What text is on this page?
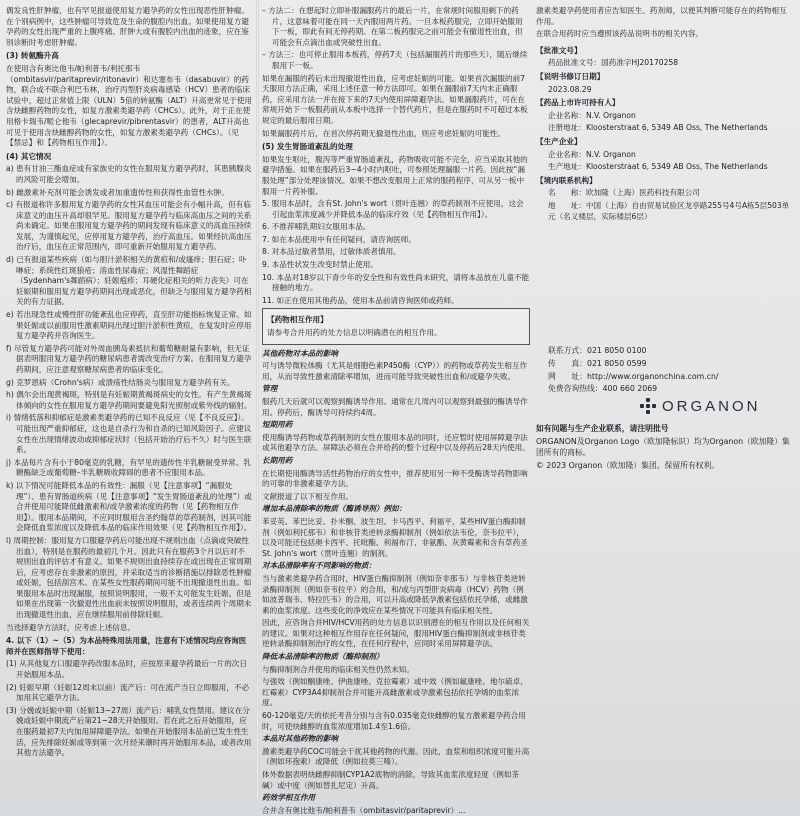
偶发良性肝肿瘤，也有罕见报道使用复方避孕药的女性出现恶性肝肿瘤。在个别病例中，这些肿瘤可导致危及生命的腹腔内出血。如果使用复方避孕药的女性出现严重的上腹疼痛、肝肿大或有腹腔内出血的迹象，应在鉴别诊断时考虑肝肿瘤。

(3) 转氨酶升高

在使用含有奥比他韦/帕利普韦/利托那韦（ombitasvir/paritaprevir/ritonavir）和达塞布韦（dasabuvir）的药物，联合或不联合利巴韦林，治疗丙型肝炎病毒感染（HCV）患者的临床试验中，超过正常值上限（ULN）5倍的转氨酶（ALT）升高更常见于使用含炔雌醇药物的女性，如复方激素类避孕药（CHCs）。此外，对于正在使用格卡瑞韦/哌仑他韦（glecaprevir/pibrentasvir）的患者，ALT升高也可见于使用含炔雌醇药物的女性，如复方激素类避孕药（CHCs）。（见【禁忌】和【药物相互作用】）。

(4) 其它情况

a) 患有甘油三酯血症或有家族史的女性在服用复方避孕药时，其患胰腺炎的风险可能会增加。

b) 雌激素补充剂可能会诱发或者加重遗传性和获得性血管性水肿。

c) 有报道称许多服用复方避孕药的女性其血压可能会有小幅升高，但有临床意义的血压升高却很罕见。服用复方避孕药与临床高血压之间的关系尚未确定。如果在服用复方避孕药的期间发现有临床意义的高血压持续发展，为谨慎起见，应停用复方避孕药，治疗高血压。如果经抗高血压治疗后，血压在正常范围内，即可重新开始服用复方避孕药。

d) 已有报道某些疾病（如与胆汁淤积相关的黄疸和/或瘙痒；胆石症；卟啉症；系统性红斑狼疮；溶血性尿毒症；风湿性舞蹈症（Sydenham's舞蹈病）；妊娠疱疹；耳硬化症相关的听力丧失）可在妊娠期和服用复方避孕药期间出现或恶化，但缺乏与服用复方避孕药相关的有力证据。

e) 若出现急性或慢性肝功能紊乱也应停药，直至肝功能指标恢复正常。如果妊娠或以前服用性激素期间出现过胆汁淤积性黄疸，在复发时应停用复方避孕药并咨询医生。

f) 尽管复方避孕药可能对外周血胰岛素抵抗和葡萄糖耐量有影响，但无证据表明服用复方避孕药的糖尿病患者需改变治疗方案。在服用复方避孕药期间，应注意观察糖尿病患者的临床变化。

g) 克罗恩病（Crohn's病）或溃疡性结肠炎与服用复方避孕药有关。

h) 偶尔会出现黄褐斑，特别是有妊娠期黄褐斑病史的女性。有产生黄褐斑体倾向的女性在服用复方避孕药期间要避免阳光照射或紫外线的辐射。

i) 情绪低落和抑郁症是激素类避孕药的已知不良反应（见【不良反应】）。可能出现严重抑郁症，这也是自杀行为和自杀的已知风险因子。应建议女性在出现情绪波动或抑郁症状时（包括开始治疗后不久）时与医生联系。

j) 本品每片含有小于80毫克的乳糖，有罕见的遗传性半乳糖耐受异常、乳糖酶缺乏或葡萄糖–半乳糖吸收障碍的患者不应服用本品。

k) 以下情况可能降低本品的有效性：漏服（见【注意事项】“漏服处理”）、患有胃肠道疾病（见【注意事项】“发生胃肠道紊乱的处理”）或合并使用可能降低雌激素和/或孕激素浓度的药物（见【药物相互作用】）。服用本品期间，不应同时服用含圣约翰草的草药制剂，因其可能会降低血浆浓度以及降低本品的临床作用效果（见【药物相互作用】）。

l) 周期控制：服用复方口服避孕药后可能出现不规则出血（点滴或突破性出血），特别是在服药的最初几个月。因此只有在服药3个月以后对不规则出血的评估才有意义。如果不规则出血持续存在或出现在正常周期后，应考虑存在非激素的原因，并采取适当的诊断措施以排除恶性肿瘤或妊娠，包括刮宫术。在某些女性服药期间可能不出现撤退性出血。如果服用本品时出现漏服，按照说明服用，一般不太可能发生妊娠。但是如果在出现第一次撤退性出血前未按照说明服用，或者连续两个周期未出现撤退性出血，应在继续服用前排除妊娠。

当选择避孕方法时，应考虑上述信息。

4. 以下（1）~（5）为本品特殊用法用量，注意有下述情况均应咨询医师并在医师指导下使用：

(1) 从其他复方口服避孕药改服本品时，应按原来避孕药最后一片的次日开始服用本品。

(2) 妊娠早期（妊娠12周末以前）流产后：可在流产当日立即服用，不必加用其它避孕方法。

(3) 分娩或妊娠中期（妊娠13~27周）流产后：哺乳女性禁用。建议在分娩或妊娠中期流产后第21~28天开始服用。若在此之后开始服用，应在服药最初7天内加用屏障避孕法。如果在开始服用本品前已发生性生活，应先排除妊娠或等到第一次月经来潮时再开始服用本品，或者改用其他方法避孕。

– 方法二：在想起时立即补服漏服药片的最后一片，在常规时间服用剩下的药片，这意味着可能在同一天内服用两片药。一旦本板药服完，立即开始服用下一板，即此有间无停药期。在第二板药服完之前可能会有撤退性出血，但可能会有点滴出血或突破性出血。

– 方法三：也可停止服用本板药，停药7天（包括漏服药片的那些天），随后继续服用下一板。

如果在漏服的药后未出现撤退性出血，应考虑妊娠的可能。如果首次漏服的前7天服用方法正确，采用上述任意一种方法即可。如果在漏服前7天内未正确服药，应采用方法一并在接下来的7天内使用屏障避孕法。如果漏服药片，可在在常规开始下一板服药前从本板中选择一个替代药片，但是在服药时不可超过本板规定的最后服用日期。

如果漏服药片后，在首次停药期无撤退性出血，则应考虑妊娠的可能性。

(5) 发生胃肠道紊乱的处理

如果发生呕吐，腹泻等严重胃肠道紊乱，药物吸收可能不完全，应当采取其他的避孕措施。如果在服药后3~4小时内呕吐，可参照处理漏服一片药。因此按“漏服处理”部分处理该情况。如果不想改变服用上正常的服药程序，可从另一板中服用一片药补服。

5. 服用本品时，含有St. John's wort（贯叶连翘）的草药制剂不应使用，这会引起血浆浓度减少并降低本品的临床疗效（见【药物相互作用】）。

6. 不推荐哺乳期妇女服用本品。

7. 如在本品使用中有任何疑问，请咨询医师。

8. 对本品过敏者禁用，过敏体质者慎用。

9. 本品性状发生改变时禁止使用。

10. 本品对18岁以下青少年的安全性和有效性尚未研究，请将本品放在儿童不能接触的地方。

11. 如正在使用其他药品，使用本品前请咨询医师或药师。

【药物相互作用】

请参考合并用药的处方信息以明确潜在的相互作用。

其他药物对本品的影响

可与诱导微粒体酶（尤其是细胞色素P450酶（CYP））的药物或草药发生相互作用，从而导致性激素清除率增加，进而可能导致突破性出血和/或避孕失败。

管理

服药几天后就可以观察到酶诱导作用。通常在几周内可以观察到最强的酶诱导作用。停药后，酶诱导可持续约4周。

短期用药

使用酶诱导药物或草药制剂的女性在服用本品的同时，还应暂时使用屏障避孕法或其他避孕方法。屏障法必须在合并给药的整个过程中以及停药后28天内使用。

长期用药

在长期使用酶诱导活性药物治疗的女性中，推荐使用另一种不受酶诱导药物影响的可靠的非激素避孕方法。

文献报道了以下相互作用。

增加本品清除率的物质（酶诱导剂）例如：

苯妥英、苯巴比妥、扑米酮、波生坦、卡马西平、利福平，某些HIV蛋白酶抑制剂（例如利托那韦）和非核苷类逆转录酶抑制剂（例如依法韦伦，奈韦拉平），以及可能还包括奥卡西平、托吡酯、利福布汀、非氨酯、灰黄霉素和含有草药圣St. John's wort（贯叶连翘）的制剂。

对本品清除率有不同影响的物质：

当与激素类避孕药合用时，HIV蛋白酶抑制剂（例如奈非那韦）与非核苷类逆转录酶抑制剂（例如奈韦拉平）的合用，和/或与丙型肝炎病毒（HCV）药物（例如波普瑞韦、特拉匹韦）的合用，可以升高或降低孕激素包括依托孕烯，或雌激素的血浆浓度。这些变化的净效应在某些情况下可能具有临床相关性。

因此，应咨询合并HIV/HCV用药的处方信息以识别潜在的相互作用以及任何相关的建议。如果对这种相互作用存在任何疑问，服用HIV蛋白酶抑制剂或非核苷类逆转录酶抑制剂治疗的女性，在任何疗程中，应同时采用屏障避孕法。

降低本品清除率的物质（酶抑制剂）

与酶抑制剂合并使用的临床相关性仍然未知。

与强效（例如酮康唑、伊曲康唑、克拉霉素）或中效（例如氟康唑、地尔硫卓、红霉素）CYP3A4抑制剂合并可能升高雌激素或孕激素包括依托孕烯的血浆浓度。

60-120毫克/天的依托考昔分别与含有0.035毫克炔雌醇的复方激素避孕药合用时，可使炔雌醇的血浆浓度增加1.4至1.6倍。

本品对其他药物的影响

激素类避孕药COC可能会干扰其他药物的代谢。因此，血浆和组织浓度可能升高（例如环孢素）或降低（例如拉莫三嗪）。

体外数据表明炔雌醇抑制CYP1A2底物的消除，导致其血浆浓度轻度（例如茶碱）或中度（例如替扎尼定）升高。

药效学相互作用

合并含有奥比他韦/帕利普韦（ombitasvir/paritaprevir）...

激素类避孕药使用者应告知医生、药剂师，以便其判断可能存在的药物相互作用。

在联合用药时应当遵照该药品说明书的相关内容。

【批准文号】

药品批准文号：国药准字HJ20170258

【说明书修订日期】

2023.08.29

【药品上市许可持有人】

企业名称：N.V. Organon

注册地址：Kloosterstraat 6, 5349 AB Oss, The Netherlands

【生产企业】

企业名称：N.V. Organon

生产地址：Kloosterstraat 6, 5349 AB Oss, The Netherlands

【境内联系机构】

名　　称：欧加隆（上海）医药科技有限公司

地　　址：中国（上海）自由贸易试验区龙亭路255号4号A栋5层503单元（名义楼层，实际楼层6层）

联系方式：021 8050 0100

传　　真：021 8050 0599

网　　址：http://www.organonchina.com.cn/

免费咨询热线：400 660 2069

ORGANON

如有问题与生产企业联系，请注明批号

ORGANON及Organon Logo（欧加隆标识）均为Organon（欧加隆）集团所有的商标。

© 2023 Organon（欧加隆）集团。保留所有权利。
